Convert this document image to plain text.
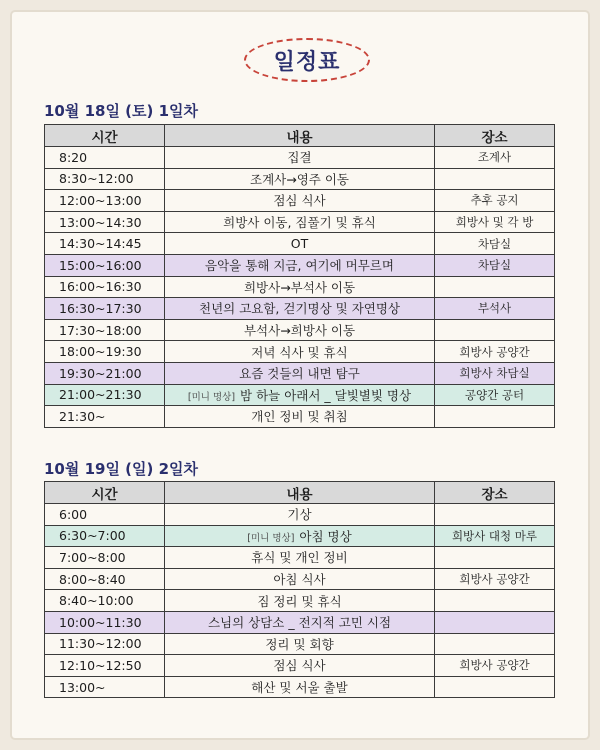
일정표
10월 18일 (토) 1일차
시간	내용	장소
8:20	집결	조계사
8:30~12:00	조계사→영주 이동	
12:00~13:00	점심 식사	추후 공지
13:00~14:30	희방사 이동, 짐풀기 및 휴식	희방사 및 각 방
14:30~14:45	OT	차담실
15:00~16:00	음악을 통해 지금, 여기에 머무르며	차담실
16:00~16:30	희방사→부석사 이동	
16:30~17:30	천년의 고요함, 걷기명상 및 자연명상	부석사
17:30~18:00	부석사→희방사 이동	
18:00~19:30	저녁 식사 및 휴식	희방사 공양간
19:30~21:00	요즘 것들의 내면 탐구	희방사 차담실
21:00~21:30	[미니 명상] 밤 하늘 아래서 _ 달빛별빛 명상	공양간 공터
21:30~	개인 정비 및 취침	
10월 19일 (일) 2일차
시간	내용	장소
6:00	기상	
6:30~7:00	[미니 명상] 아침 명상	희방사 대청 마루
7:00~8:00	휴식 및 개인 정비	
8:00~8:40	아침 식사	희방사 공양간
8:40~10:00	짐 정리 및 휴식	
10:00~11:30	스님의 상담소 _ 전지적 고민 시점	
11:30~12:00	정리 및 회향	
12:10~12:50	점심 식사	희방사 공양간
13:00~	해산 및 서울 출발	
